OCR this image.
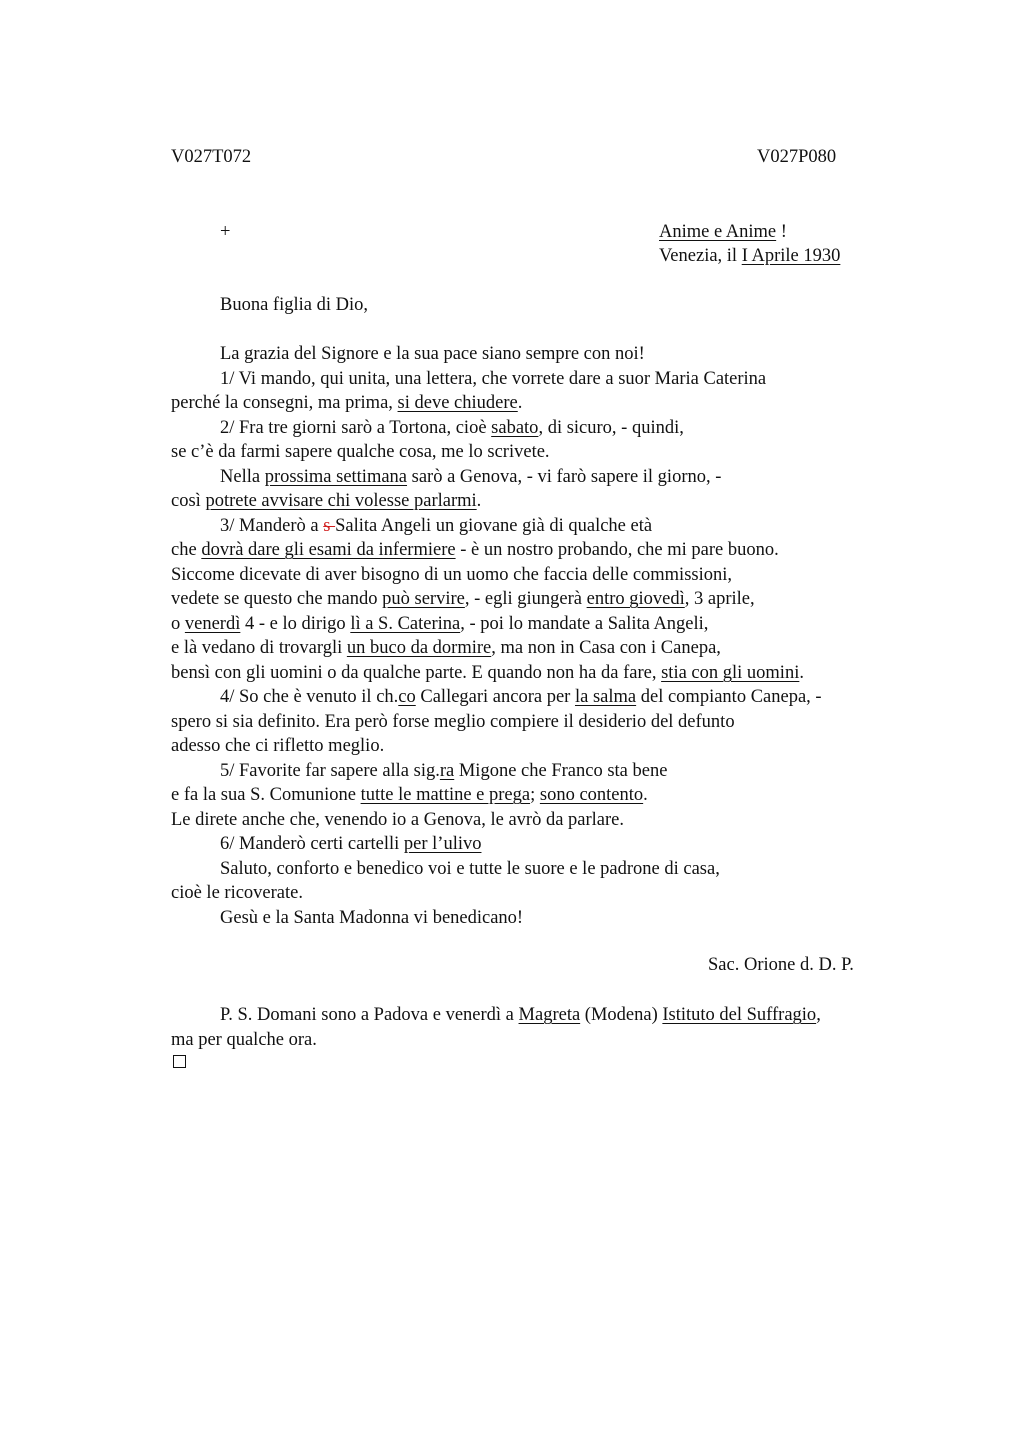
V027T072	V027P080
+	Anime e Anime !
Venezia, il I Aprile 1930
Buona figlia di Dio,
La grazia del Signore e la sua pace siano sempre con noi!
1/ Vi mando, qui unita, una lettera, che vorrete dare a suor Maria Caterina
perché la consegni, ma prima, si deve chiudere.
2/ Fra tre giorni sarò a Tortona, cioè sabato, di sicuro, - quindi,
se c’è da farmi sapere qualche cosa, me lo scrivete.
Nella prossima settimana sarò a Genova, - vi farò sapere il giorno, -
così potrete avvisare chi volesse parlarmi.
3/ Manderò a s Salita Angeli un giovane già di qualche età
che dovrà dare gli esami da infermiere - è un nostro probando, che mi pare buono.
Siccome dicevate di aver bisogno di un uomo che faccia delle commissioni,
vedete se questo che mando può servire, - egli giungerà entro giovedì, 3 aprile,
o venerdì 4 - e lo dirigo lì a S. Caterina, - poi lo mandate a Salita Angeli,
e là vedano di trovargli un buco da dormire, ma non in Casa con i Canepa,
bensì con gli uomini o da qualche parte. E quando non ha da fare, stia con gli uomini.
4/ So che è venuto il ch.co Callegari ancora per la salma del compianto Canepa, -
spero si sia definito. Era però forse meglio compiere il desiderio del defunto
adesso che ci rifletto meglio.
5/ Favorite far sapere alla sig.ra Migone che Franco sta bene
e fa la sua S. Comunione tutte le mattine e prega; sono contento.
Le direte anche che, venendo io a Genova, le avrò da parlare.
6/ Manderò certi cartelli per l’ulivo
Saluto, conforto e benedico voi e tutte le suore e le padrone di casa,
cioè le ricoverate.
Gesù e la Santa Madonna vi benedicano!
Sac. Orione d. D. P.
P. S. Domani sono a Padova e venerdì a Magreta (Modena) Istituto del Suffragio,
ma per qualche ora.
